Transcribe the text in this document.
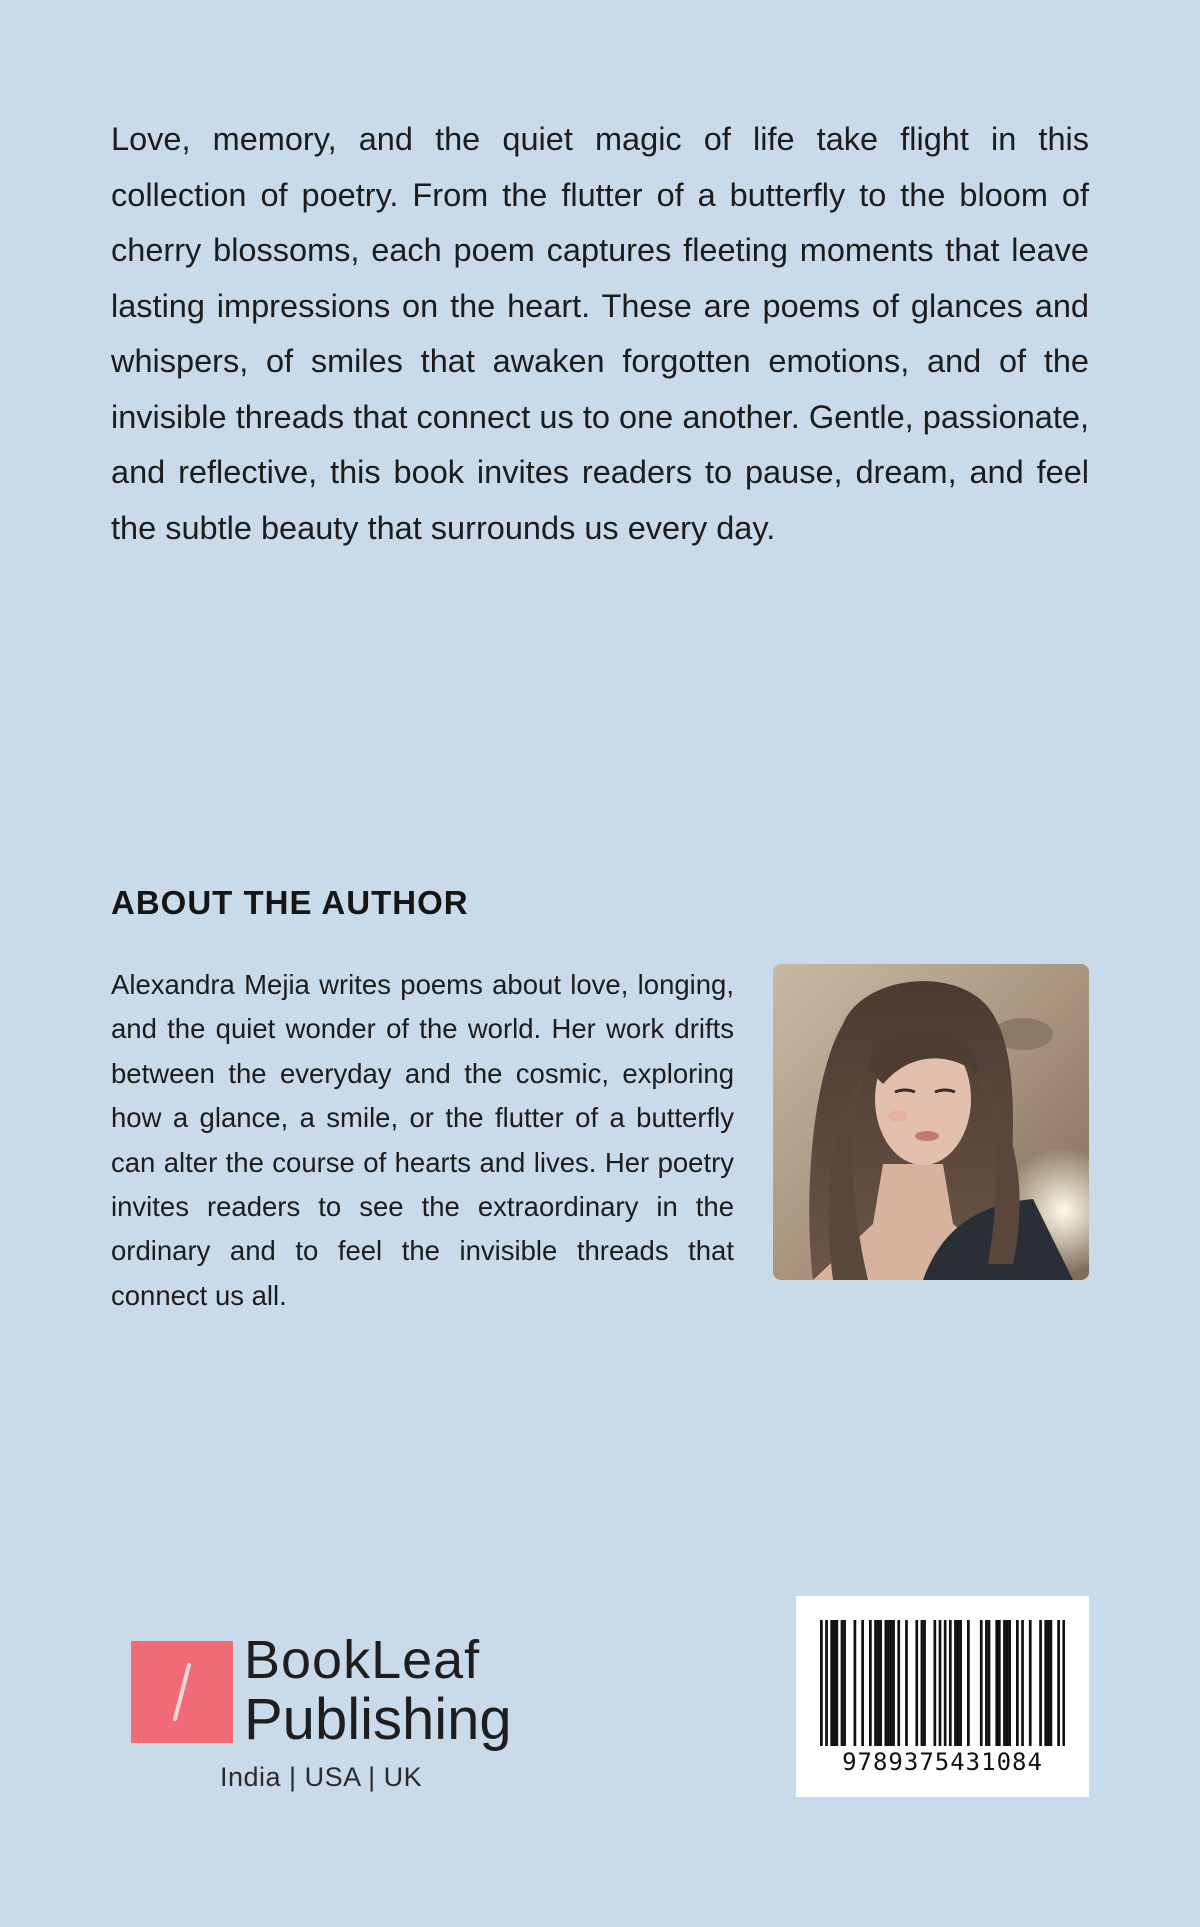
Love, memory, and the quiet magic of life take flight in this collection of poetry. From the flutter of a butterfly to the bloom of cherry blossoms, each poem captures fleeting moments that leave lasting impressions on the heart. These are poems of glances and whispers, of smiles that awaken forgotten emotions, and of the invisible threads that connect us to one another. Gentle, passionate, and reflective, this book invites readers to pause, dream, and feel the subtle beauty that surrounds us every day.

ABOUT THE AUTHOR

Alexandra Mejia writes poems about love, longing, and the quiet wonder of the world. Her work drifts between the everyday and the cosmic, exploring how a glance, a smile, or the flutter of a butterfly can alter the course of hearts and lives. Her poetry invites readers to see the extraordinary in the ordinary and to feel the invisible threads that connect us all.

BookLeaf
Publishing
India | USA | UK	9789375431084
